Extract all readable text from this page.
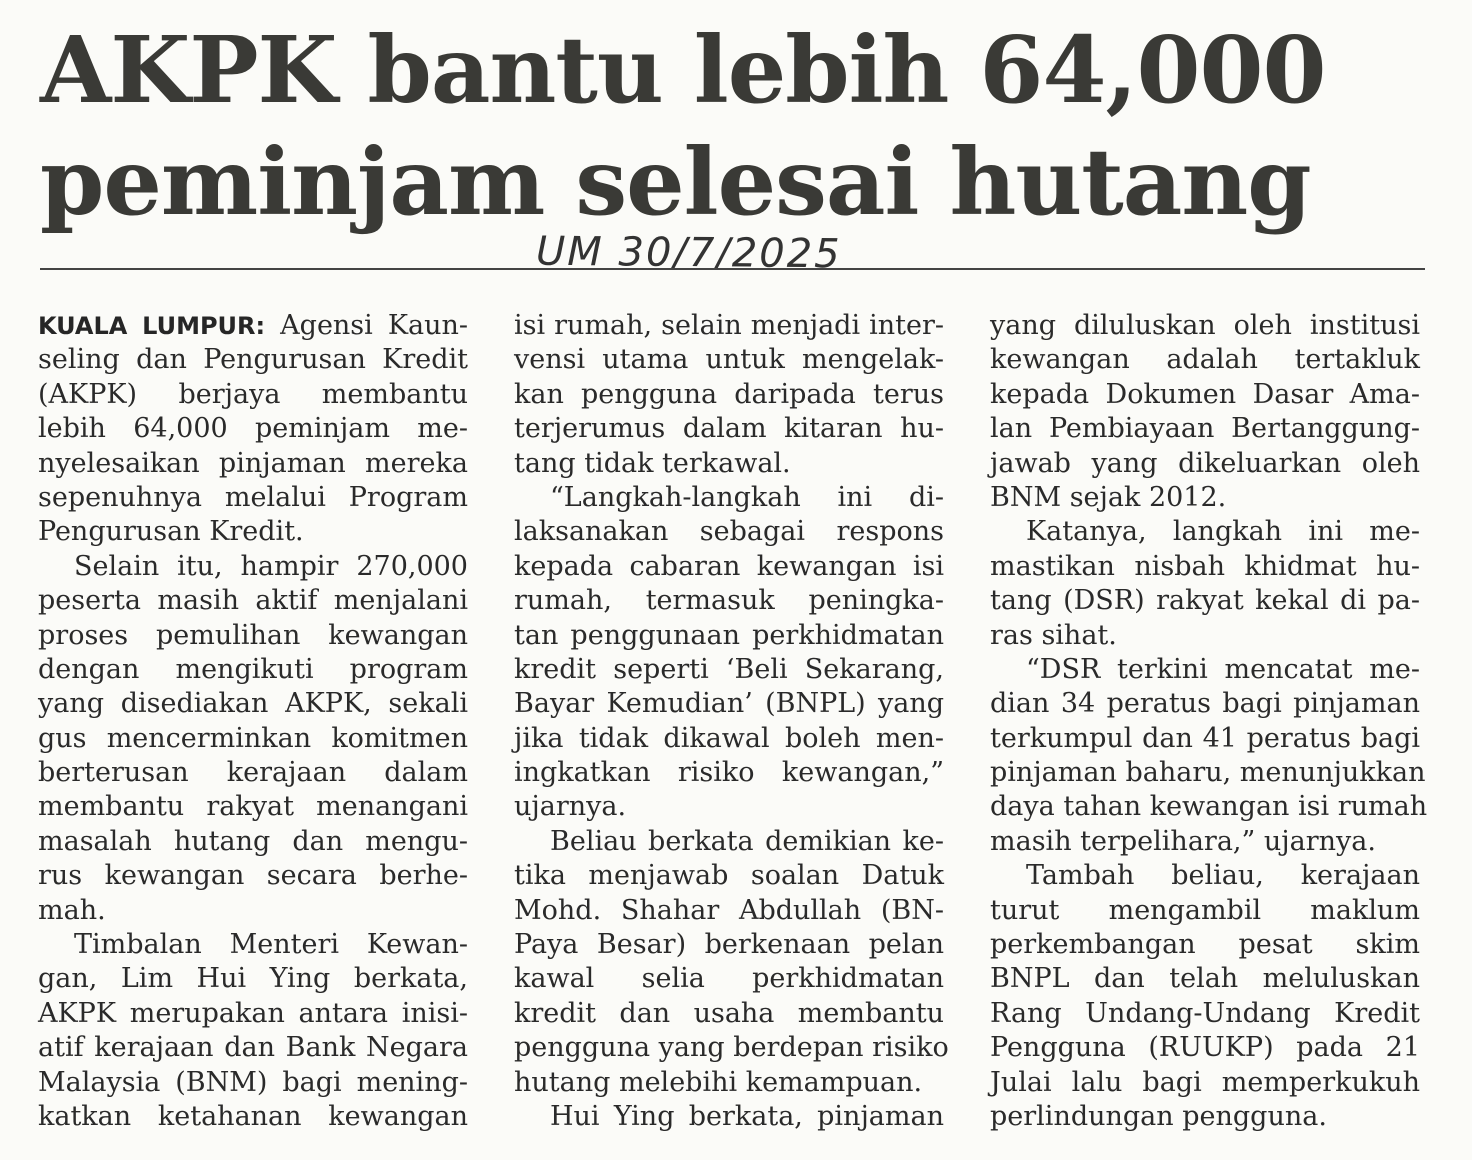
AKPK bantu lebih 64,000
peminjam selesai hutang
UM 30/7/2025
KUALA LUMPUR: Agensi Kaun-
seling dan Pengurusan Kredit
(AKPK) berjaya membantu
lebih 64,000 peminjam me-
nyelesaikan pinjaman mereka
sepenuhnya melalui Program
Pengurusan Kredit.
Selain itu, hampir 270,000
peserta masih aktif menjalani
proses pemulihan kewangan
dengan mengikuti program
yang disediakan AKPK, sekali
gus mencerminkan komitmen
berterusan kerajaan dalam
membantu rakyat menangani
masalah hutang dan mengu-
rus kewangan secara berhe-
mah.
Timbalan Menteri Kewan-
gan, Lim Hui Ying berkata,
AKPK merupakan antara inisi-
atif kerajaan dan Bank Negara
Malaysia (BNM) bagi mening-
katkan ketahanan kewangan
isi rumah, selain menjadi inter-
vensi utama untuk mengelak-
kan pengguna daripada terus
terjerumus dalam kitaran hu-
tang tidak terkawal.
“Langkah-langkah ini di-
laksanakan sebagai respons
kepada cabaran kewangan isi
rumah, termasuk peningka-
tan penggunaan perkhidmatan
kredit seperti ‘Beli Sekarang,
Bayar Kemudian’ (BNPL) yang
jika tidak dikawal boleh men-
ingkatkan risiko kewangan,”
ujarnya.
Beliau berkata demikian ke-
tika menjawab soalan Datuk
Mohd. Shahar Abdullah (BN-
Paya Besar) berkenaan pelan
kawal selia perkhidmatan
kredit dan usaha membantu
pengguna yang berdepan risiko
hutang melebihi kemampuan.
Hui Ying berkata, pinjaman
yang diluluskan oleh institusi
kewangan adalah tertakluk
kepada Dokumen Dasar Ama-
lan Pembiayaan Bertanggung-
jawab yang dikeluarkan oleh
BNM sejak 2012.
Katanya, langkah ini me-
mastikan nisbah khidmat hu-
tang (DSR) rakyat kekal di pa-
ras sihat.
“DSR terkini mencatat me-
dian 34 peratus bagi pinjaman
terkumpul dan 41 peratus bagi
pinjaman baharu, menunjukkan
daya tahan kewangan isi rumah
masih terpelihara,” ujarnya.
Tambah beliau, kerajaan
turut mengambil maklum
perkembangan pesat skim
BNPL dan telah meluluskan
Rang Undang-Undang Kredit
Pengguna (RUUKP) pada 21
Julai lalu bagi memperkukuh
perlindungan pengguna.
